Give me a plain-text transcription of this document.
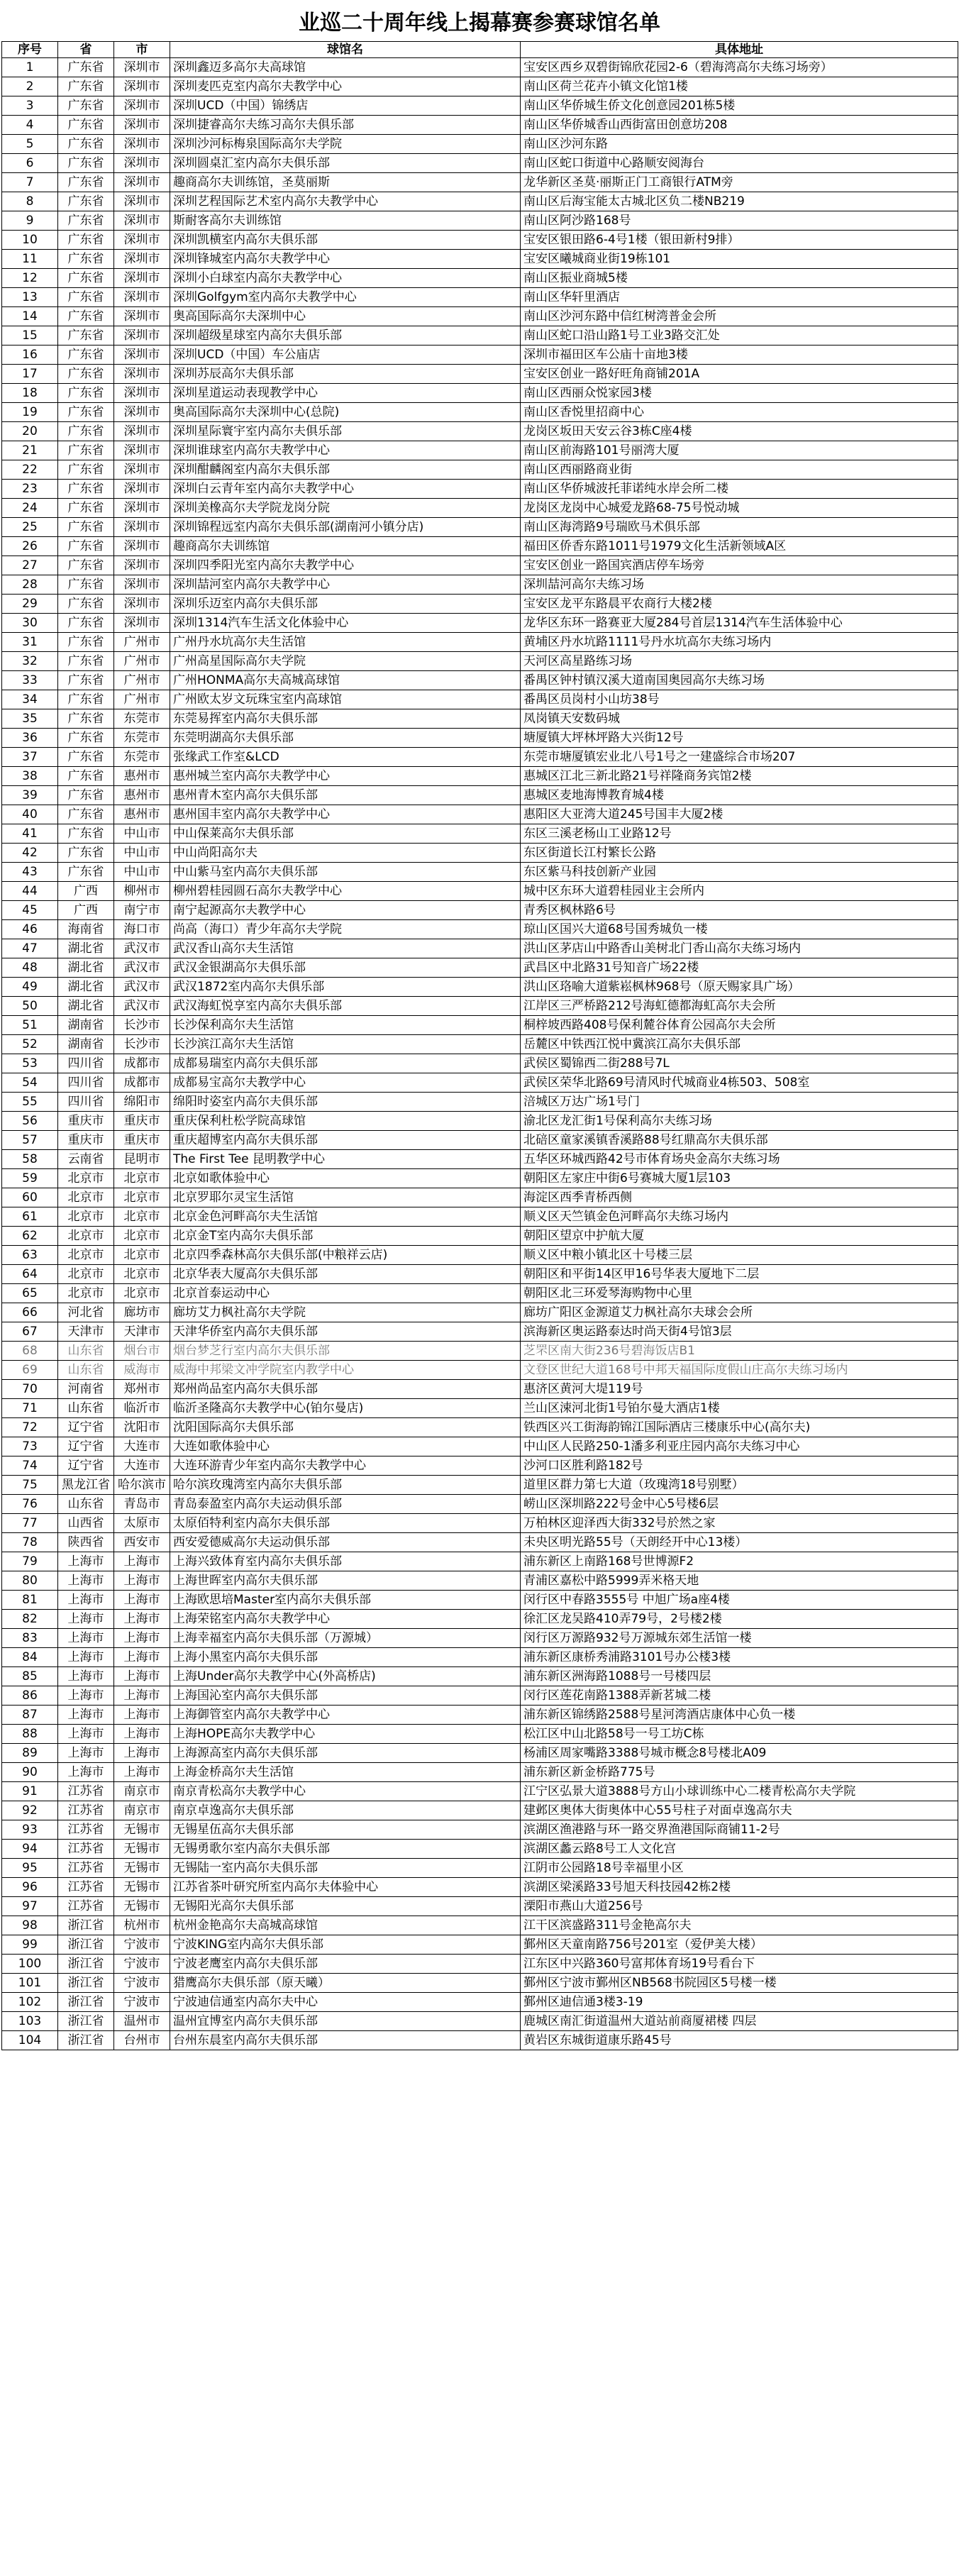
业巡二十周年线上揭幕赛参赛球馆名单
序号	省	市	球馆名	具体地址
1	广东省	深圳市	深圳鑫迈多高尔夫高球馆	宝安区西乡双碧街锦欣花园2-6（碧海湾高尔夫练习场旁）
2	广东省	深圳市	深圳麦匹克室内高尔夫教学中心	南山区荷兰花卉小镇文化馆1楼
3	广东省	深圳市	深圳UCD（中国）锦绣店	南山区华侨城生侨文化创意园201栋5楼
4	广东省	深圳市	深圳捷睿高尔夫练习高尔夫俱乐部	南山区华侨城香山西街富田创意坊208
5	广东省	深圳市	深圳沙河标梅泉国际高尔夫学院	南山区沙河东路
6	广东省	深圳市	深圳圆桌汇室内高尔夫俱乐部	南山区蛇口街道中心路顺安阅海台
7	广东省	深圳市	趣商高尔夫训练馆，圣莫丽斯	龙华新区圣莫·丽斯正门工商银行ATM旁
8	广东省	深圳市	深圳艺程国际艺术室内高尔夫教学中心	南山区后海宝能太古城北区负二楼NB219
9	广东省	深圳市	斯耐客高尔夫训练馆	南山区阿沙路168号
10	广东省	深圳市	深圳凯横室内高尔夫俱乐部	宝安区银田路6-4号1楼（银田新村9排）
11	广东省	深圳市	深圳锋城室内高尔夫教学中心	宝安区曦城商业街19栋101
12	广东省	深圳市	深圳小白球室内高尔夫教学中心	南山区振业商城5楼
13	广东省	深圳市	深圳Golfgym室内高尔夫教学中心	南山区华轩里酒店
14	广东省	深圳市	奥高国际高尔夫深圳中心	南山区沙河东路中信红树湾普金会所
15	广东省	深圳市	深圳超级星球室内高尔夫俱乐部	南山区蛇口沿山路1号工业3路交汇处
16	广东省	深圳市	深圳UCD（中国）车公庙店	深圳市福田区车公庙十亩地3楼
17	广东省	深圳市	深圳苏辰高尔夫俱乐部	宝安区创业一路好旺角商铺201A
18	广东省	深圳市	深圳星道运动表现教学中心	南山区西丽众悦家园3楼
19	广东省	深圳市	奥高国际高尔夫深圳中心(总院)	南山区香悦里招商中心
20	广东省	深圳市	深圳星际寰宇室内高尔夫俱乐部	龙岗区坂田天安云谷3栋C座4楼
21	广东省	深圳市	深圳谁球室内高尔夫教学中心	南山区前海路101号丽湾大厦
22	广东省	深圳市	深圳酣麟阁室内高尔夫俱乐部	南山区西丽路商业街
23	广东省	深圳市	深圳白云青年室内高尔夫教学中心	南山区华侨城波托菲诺纯水岸会所二楼
24	广东省	深圳市	深圳美橡高尔夫学院龙岗分院	龙岗区龙岗中心城爱龙路68-75号悦动城
25	广东省	深圳市	深圳锦程远室内高尔夫俱乐部(湖南河小镇分店)	南山区海湾路9号瑞欧马术俱乐部
26	广东省	深圳市	趣商高尔夫训练馆	福田区侨香东路1011号1979文化生活新领域A区
27	广东省	深圳市	深圳四季阳光室内高尔夫教学中心	宝安区创业一路国宾酒店停车场旁
28	广东省	深圳市	深圳喆河室内高尔夫教学中心	深圳喆河高尔夫练习场
29	广东省	深圳市	深圳乐迈室内高尔夫俱乐部	宝安区龙平东路晨平农商行大楼2楼
30	广东省	深圳市	深圳1314汽车生活文化体验中心	龙华区东环一路赛亚大厦284号首层1314汽车生活体验中心
31	广东省	广州市	广州丹水坑高尔夫生活馆	黄埔区丹水坑路1111号丹水坑高尔夫练习场内
32	广东省	广州市	广州高星国际高尔夫学院	天河区高星路练习场
33	广东省	广州市	广州HONMA高尔夫高城高球馆	番禺区钟村镇汉溪大道南国奥园高尔夫练习场
34	广东省	广州市	广州欧太岁文玩珠宝室内高球馆	番禺区员岗村小山坊38号
35	广东省	东莞市	东莞易挥室内高尔夫俱乐部	凤岗镇天安数码城
36	广东省	东莞市	东莞明湖高尔夫俱乐部	塘厦镇大坪林坪路大兴街12号
37	广东省	东莞市	张缘武工作室&LCD	东莞市塘厦镇宏业北八号1号之一建盛综合市场207
38	广东省	惠州市	惠州城兰室内高尔夫教学中心	惠城区江北三新北路21号祥隆商务宾馆2楼
39	广东省	惠州市	惠州青木室内高尔夫俱乐部	惠城区麦地海博教育城4楼
40	广东省	惠州市	惠州国丰室内高尔夫教学中心	惠阳区大亚湾大道245号国丰大厦2楼
41	广东省	中山市	中山保莱高尔夫俱乐部	东区三溪老杨山工业路12号
42	广东省	中山市	中山尚阳高尔夫	东区街道长江村繁长公路
43	广东省	中山市	中山紫马室内高尔夫俱乐部	东区紫马科技创新产业园
44	广西	柳州市	柳州碧桂园圆石高尔夫教学中心	城中区东环大道碧桂园业主会所内
45	广西	南宁市	南宁起源高尔夫教学中心	青秀区枫林路6号
46	海南省	海口市	尚高（海口）青少年高尔夫学院	琼山区国兴大道68号国秀城负一楼
47	湖北省	武汉市	武汉香山高尔夫生活馆	洪山区茅店山中路香山美树北门香山高尔夫练习场内
48	湖北省	武汉市	武汉金银湖高尔夫俱乐部	武昌区中北路31号知音广场22楼
49	湖北省	武汉市	武汉1872室内高尔夫俱乐部	洪山区珞喻大道紫崧枫林968号（原天赐家具广场）
50	湖北省	武汉市	武汉海虹悦享室内高尔夫俱乐部	江岸区三严桥路212号海虹德都海虹高尔夫会所
51	湖南省	长沙市	长沙保利高尔夫生活馆	桐梓坡西路408号保利麓谷体育公园高尔夫会所
52	湖南省	长沙市	长沙滨江高尔夫生活馆	岳麓区中铁西江悦中冀滨江高尔夫俱乐部
53	四川省	成都市	成都易瑞室内高尔夫俱乐部	武侯区蜀锦西二街288号7L
54	四川省	成都市	成都易宝高尔夫教学中心	武侯区荣华北路69号清风时代城商业4栋503、508室
55	四川省	绵阳市	绵阳时姿室内高尔夫俱乐部	涪城区万达广场1号门
56	重庆市	重庆市	重庆保利杜松学院高球馆	渝北区龙汇街1号保利高尔夫练习场
57	重庆市	重庆市	重庆超博室内高尔夫俱乐部	北碚区童家溪镇香溪路88号红鼎高尔夫俱乐部
58	云南省	昆明市	The First Tee 昆明教学中心	五华区环城西路42号市体育场央金高尔夫练习场
59	北京市	北京市	北京如歌体验中心	朝阳区左家庄中街6号赛城大厦1层103
60	北京市	北京市	北京罗耶尔灵宝生活馆	海淀区西季青桥西侧
61	北京市	北京市	北京金色河畔高尔夫生活馆	顺义区天竺镇金色河畔高尔夫练习场内
62	北京市	北京市	北京金T室内高尔夫俱乐部	朝阳区望京中护航大厦
63	北京市	北京市	北京四季森林高尔夫俱乐部(中粮祥云店)	顺义区中粮小镇北区十号楼三层
64	北京市	北京市	北京华表大厦高尔夫俱乐部	朝阳区和平街14区甲16号华表大厦地下二层
65	北京市	北京市	北京首泰运动中心	朝阳区北三环爱琴海购物中心里
66	河北省	廊坊市	廊坊艾力枫社高尔夫学院	廊坊广阳区金源道艾力枫社高尔夫球会会所
67	天津市	天津市	天津华侨室内高尔夫俱乐部	滨海新区奥运路泰达时尚天街4号馆3层
68	山东省	烟台市	烟台梦芝行室内高尔夫俱乐部	芝罘区南大街236号碧海饭店B1
69	山东省	威海市	威海中邦梁文冲学院室内教学中心	文登区世纪大道168号中邦天福国际度假山庄高尔夫练习场内
70	河南省	郑州市	郑州尚品室内高尔夫俱乐部	惠济区黄河大堤119号
71	山东省	临沂市	临沂圣隆高尔夫教学中心(铂尔曼店)	兰山区涑河北街1号铂尔曼大酒店1楼
72	辽宁省	沈阳市	沈阳国际高尔夫俱乐部	铁西区兴工街海韵锦江国际酒店三楼康乐中心(高尔夫)
73	辽宁省	大连市	大连如歌体验中心	中山区人民路250-1潘多利亚庄园内高尔夫练习中心
74	辽宁省	大连市	大连环游青少年室内高尔夫教学中心	沙河口区胜利路182号
75	黑龙江省	哈尔滨市	哈尔滨玫瑰湾室内高尔夫俱乐部	道里区群力第七大道（玫瑰湾18号别墅）
76	山东省	青岛市	青岛泰盈室内高尔夫运动俱乐部	崂山区深圳路222号金中心5号楼6层
77	山西省	太原市	太原佰特利室内高尔夫俱乐部	万柏林区迎泽西大街332号於然之家
78	陕西省	西安市	西安爱德威高尔夫运动俱乐部	未央区明光路55号（天朗经开中心13楼）
79	上海市	上海市	上海兴致体育室内高尔夫俱乐部	浦东新区上南路168号世博源F2
80	上海市	上海市	上海世晖室内高尔夫俱乐部	青浦区嘉松中路5999弄米格天地
81	上海市	上海市	上海欧思培Master室内高尔夫俱乐部	闵行区中春路3555号 中旭广场a座4楼
82	上海市	上海市	上海荣铭室内高尔夫教学中心	徐汇区龙吴路410弄79号，2号楼2楼
83	上海市	上海市	上海幸福室内高尔夫俱乐部（万源城）	闵行区万源路932号万源城东郊生活馆一楼
84	上海市	上海市	上海小黑室内高尔夫俱乐部	浦东新区康桥秀浦路3101号办公楼3楼
85	上海市	上海市	上海Under高尔夫教学中心(外高桥店)	浦东新区洲海路1088号一号楼四层
86	上海市	上海市	上海国沁室内高尔夫俱乐部	闵行区莲花南路1388弄新茗城二楼
87	上海市	上海市	上海御管室内高尔夫教学中心	浦东新区锦绣路2588号星河湾酒店康体中心负一楼
88	上海市	上海市	上海HOPE高尔夫教学中心	松江区中山北路58号一号工坊C栋
89	上海市	上海市	上海源高室内高尔夫俱乐部	杨浦区周家嘴路3388号城市概念8号楼北A09
90	上海市	上海市	上海金桥高尔夫生活馆	浦东新区新金桥路775号
91	江苏省	南京市	南京青松高尔夫教学中心	江宁区弘景大道3888号方山小球训练中心二楼青松高尔夫学院
92	江苏省	南京市	南京卓逸高尔夫俱乐部	建邺区奥体大街奥体中心55号柱子对面卓逸高尔夫
93	江苏省	无锡市	无锡星伍高尔夫俱乐部	滨湖区渔港路与环一路交界渔港国际商铺11-2号
94	江苏省	无锡市	无锡勇歌尔室内高尔夫俱乐部	滨湖区蠡云路8号工人文化宫
95	江苏省	无锡市	无锡陆一室内高尔夫俱乐部	江阴市公园路18号幸福里小区
96	江苏省	无锡市	江苏省茶叶研究所室内高尔夫体验中心	滨湖区梁溪路33号旭天科技园42栋2楼
97	江苏省	无锡市	无锡阳光高尔夫俱乐部	溧阳市燕山大道256号
98	浙江省	杭州市	杭州金艳高尔夫高城高球馆	江干区滨盛路311号金艳高尔夫
99	浙江省	宁波市	宁波KING室内高尔夫俱乐部	鄞州区天童南路756号201室（爱伊美大楼）
100	浙江省	宁波市	宁波老鹰室内高尔夫俱乐部	江东区中兴路360号富邦体育场19号看台下
101	浙江省	宁波市	猎鹰高尔夫俱乐部（原天曦）	鄞州区宁波市鄞州区NB568书院园区5号楼一楼
102	浙江省	宁波市	宁波迪信通室内高尔夫中心	鄞州区迪信通3楼3-19
103	浙江省	温州市	温州宜博室内高尔夫俱乐部	鹿城区南汇街道温州大道站前商厦裙楼 四层
104	浙江省	台州市	台州东晨室内高尔夫俱乐部	黄岩区东城街道康乐路45号
